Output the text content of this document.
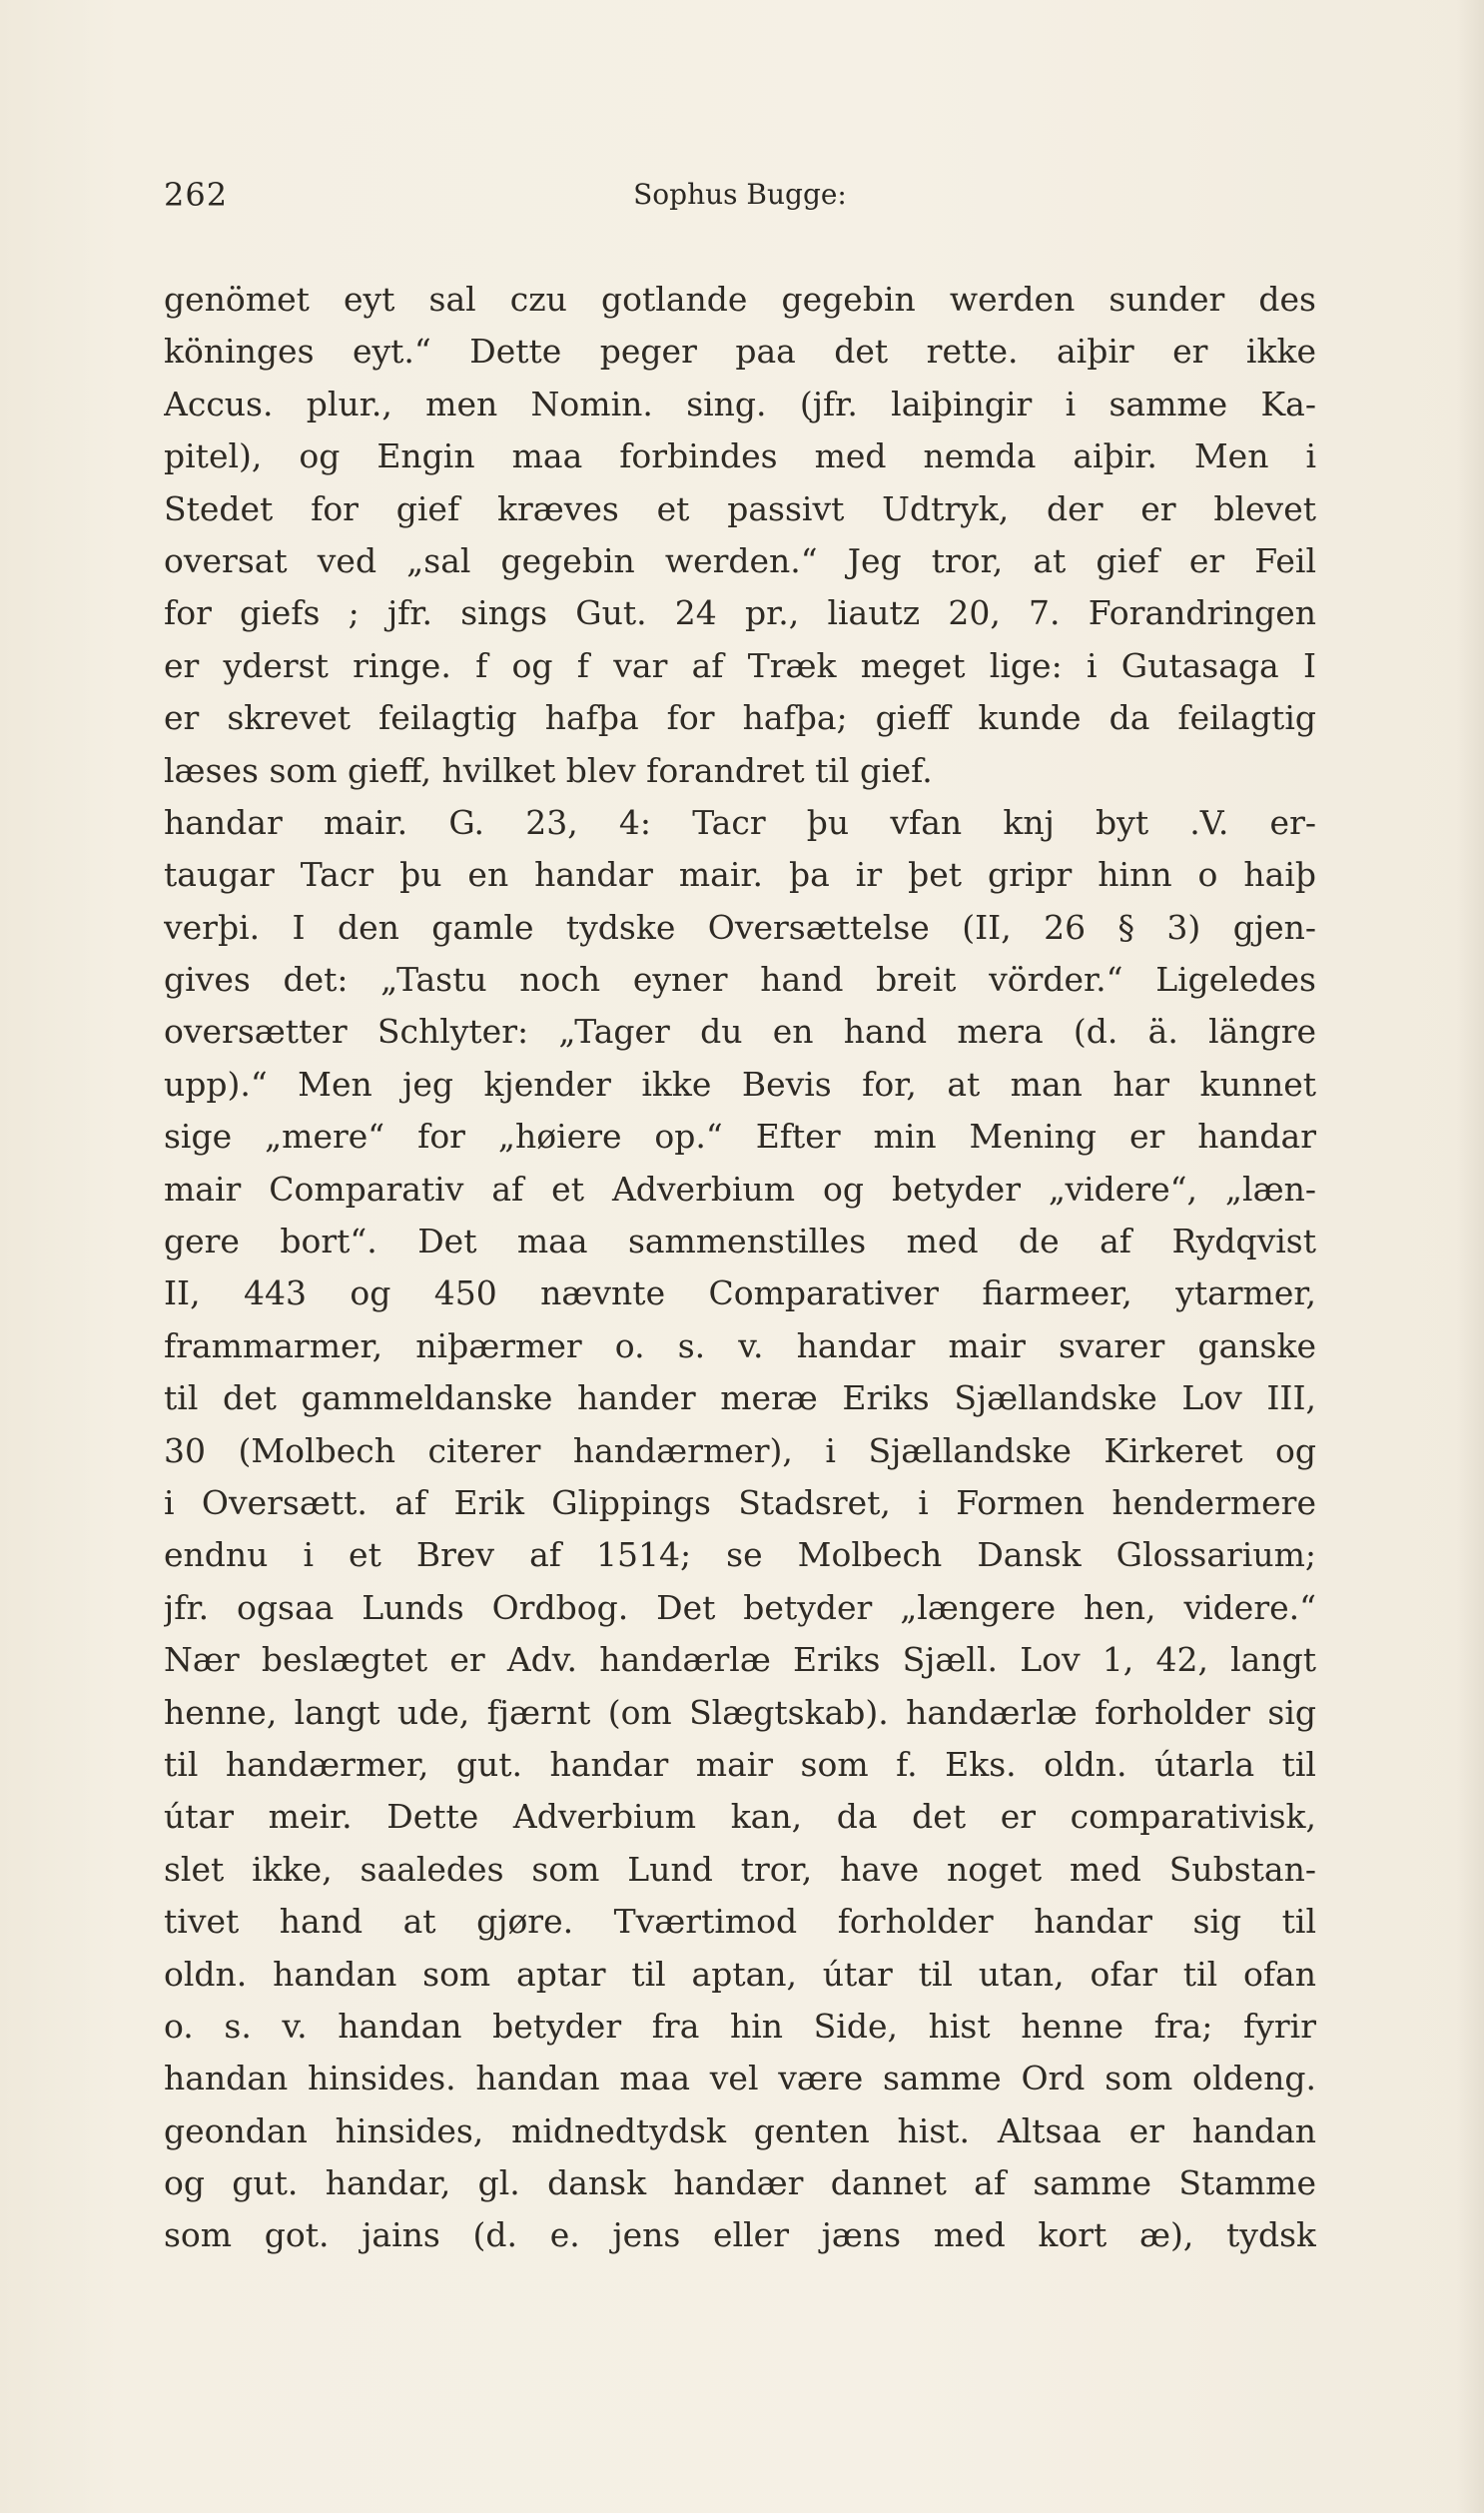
262	Sophus Bugge:
genömet eyt sal czu gotlande gegebin werden sunder des
köninges eyt.“ Dette peger paa det rette. aiþir er ikke
Accus. plur., men Nomin. sing. (jfr. laiþingir i samme Ka-
pitel), og Engin maa forbindes med nemda aiþir. Men i
Stedet for gief kræves et passivt Udtryk, der er blevet
oversat ved „sal gegebin werden.“ Jeg tror, at gief er Feil
for giefs ; jfr. sings Gut. 24 pr., liautz 20, 7. Forandringen
er yderst ringe. f og f var af Træk meget lige: i Gutasaga I
er skrevet feilagtig hafþa for hafþa; gieff kunde da feilagtig
læses som gieff, hvilket blev forandret til gief.
handar mair. G. 23, 4: Tacr þu vfan knj byt .V. er-
taugar Tacr þu en handar mair. þa ir þet gripr hinn o haiþ
verþi. I den gamle tydske Oversættelse (II, 26 § 3) gjen-
gives det: „Tastu noch eyner hand breit vörder.“ Ligeledes
oversætter Schlyter: „Tager du en hand mera (d. ä. längre
upp).“ Men jeg kjender ikke Bevis for, at man har kunnet
sige „mere“ for „høiere op.“ Efter min Mening er handar
mair Comparativ af et Adverbium og betyder „videre“, „læn-
gere bort“. Det maa sammenstilles med de af Rydqvist
II, 443 og 450 nævnte Comparativer fiarmeer, ytarmer,
frammarmer, niþærmer o. s. v. handar mair svarer ganske
til det gammeldanske hander meræ Eriks Sjællandske Lov III,
30 (Molbech citerer handærmer), i Sjællandske Kirkeret og
i Oversætt. af Erik Glippings Stadsret, i Formen hendermere
endnu i et Brev af 1514; se Molbech Dansk Glossarium;
jfr. ogsaa Lunds Ordbog. Det betyder „længere hen, videre.“
Nær beslægtet er Adv. handærlæ Eriks Sjæll. Lov 1, 42, langt
henne, langt ude, fjærnt (om Slægtskab). handærlæ forholder sig
til handærmer, gut. handar mair som f. Eks. oldn. útarla til
útar meir. Dette Adverbium kan, da det er comparativisk,
slet ikke, saaledes som Lund tror, have noget med Substan-
tivet hand at gjøre. Tværtimod forholder handar sig til
oldn. handan som aptar til aptan, útar til utan, ofar til ofan
o. s. v. handan betyder fra hin Side, hist henne fra; fyrir
handan hinsides. handan maa vel være samme Ord som oldeng.
geondan hinsides, midnedtydsk genten hist. Altsaa er handan
og gut. handar, gl. dansk handær dannet af samme Stamme
som got. jains (d. e. jens eller jæns med kort æ), tydsk
